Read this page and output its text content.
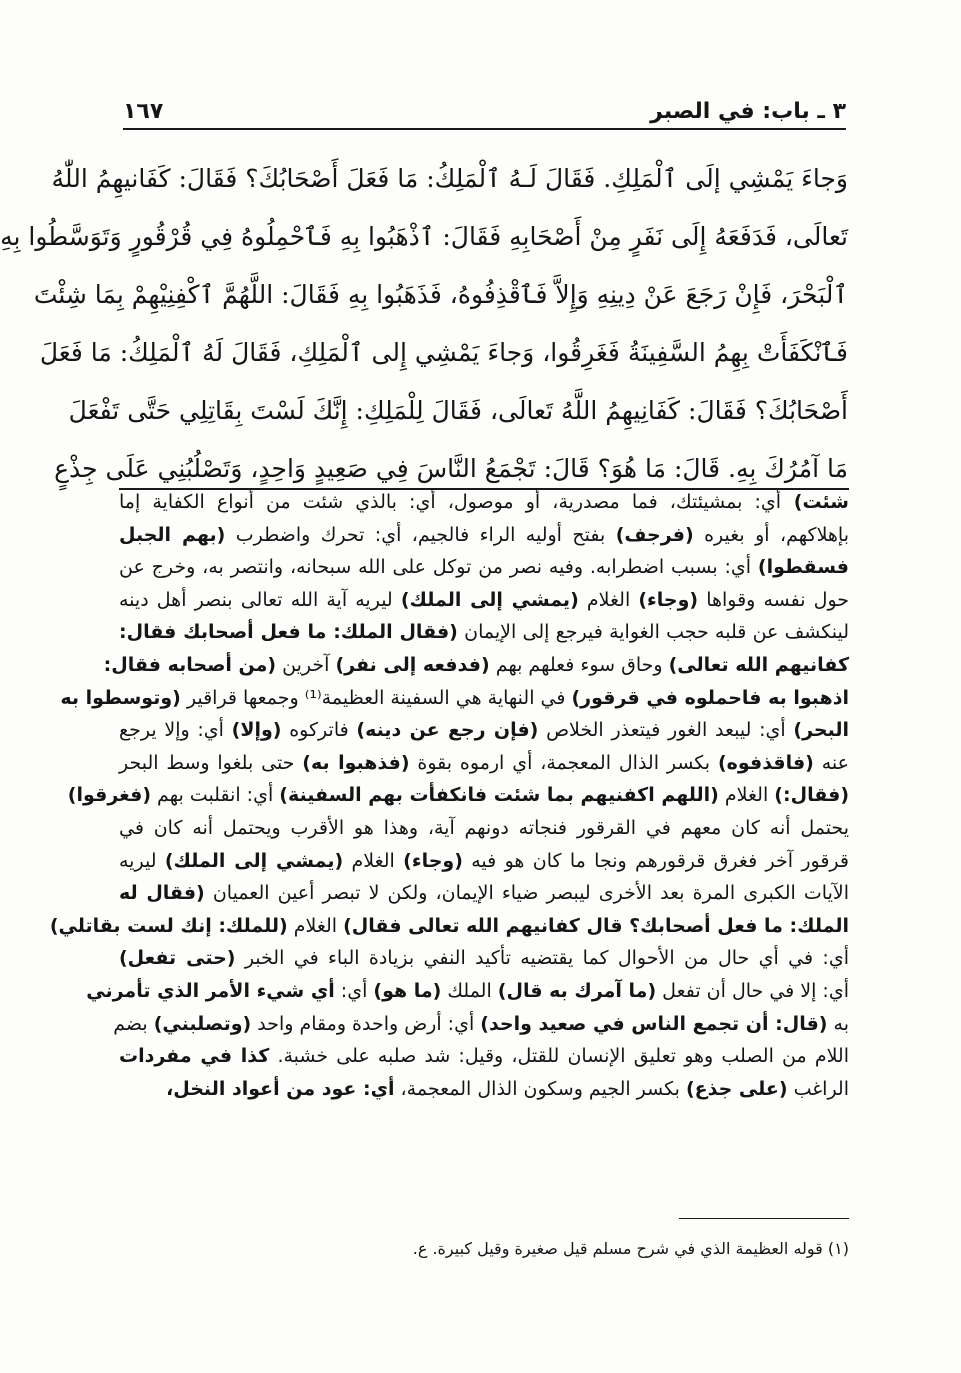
٣ ـ باب: في الصبر
١٦٧
وَجاءَ يَمْشِي إلَى ٱلْمَلِكِ. فَقَالَ لَـهُ ٱلْمَلِكُ: مَا فَعَلَ أَصْحَابُكَ؟ فَقَالَ: كَفَانيهِمُ اللّٰهُ
تَعالَى، فَدَفَعَهُ إِلَى نَفَرٍ مِنْ أَصْحَابِهِ فَقَالَ: ٱذْهَبُوا بِهِ فَٱحْمِلُوهُ فِي قُرْقُورٍ وَتَوَسَّطُوا بِهِ
ٱلْبَحْرَ، فَإِنْ رَجَعَ عَنْ دِينِهِ وَإِلاَّ فَٱقْذِفُوهُ، فَذَهَبُوا بِهِ فَقَالَ: اللَّهُمَّ ٱكْفِنِيْهِمْ بِمَا شِئْتَ
فَٱنْكَفَأَتْ بِهِمُ السَّفِينَةُ فَغَرِقُوا، وَجاءَ يَمْشِي إِلى ٱلْمَلِكِ، فَقَالَ لَهُ ٱلْمَلِكُ: مَا فَعَلَ
أَصْحَابُكَ؟ فَقَالَ: كَفَانِيهِمُ اللَّهُ تَعالَى، فَقَالَ لِلْمَلِكِ: إِنَّكَ لَسْتَ بِقَاتِلِي حَتَّى تَفْعَلَ
مَا آمُرُكَ بِهِ. قَالَ: مَا هُوَ؟ قَالَ: تَجْمَعُ النَّاسَ فِي صَعِيدٍ وَاحِدٍ، وَتَصْلُبُنِي عَلَى جِذْعٍ
شئت) أي: بمشيئتك، فما مصدرية، أو موصول، أي: بالذي شئت من أنواع الكفاية إما
بإهلاكهم، أو بغيره (فرجف) بفتح أوليه الراء فالجيم، أي: تحرك واضطرب (بهم الجبل
فسقطوا) أي: بسبب اضطرابه. وفيه نصر من توكل على الله سبحانه، وانتصر به، وخرج عن
حول نفسه وقواها (وجاء) الغلام (يمشي إلى الملك) ليريه آية الله تعالى بنصر أهل دينه
لينكشف عن قلبه حجب الغواية فيرجع إلى الإيمان (فقال الملك: ما فعل أصحابك فقال:
كفانيهم الله تعالى) وحاق سوء فعلهم بهم (فدفعه إلى نفر) آخرين (من أصحابه فقال:
اذهبوا به فاحملوه في قرقور) في النهاية هي السفينة العظيمة⁽¹⁾ وجمعها قراقير (وتوسطوا به
البحر) أي: ليبعد الغور فيتعذر الخلاص (فإن رجع عن دينه) فاتركوه (وإلا) أي: وإلا يرجع
عنه (فاقذفوه) بكسر الذال المعجمة، أي ارموه بقوة (فذهبوا به) حتى بلغوا وسط البحر
(فقال:) الغلام (اللهم اكفنيهم بما شئت فانكفأت بهم السفينة) أي: انقلبت بهم (فغرقوا)
يحتمل أنه كان معهم في القرقور فنجاته دونهم آية، وهذا هو الأقرب ويحتمل أنه كان في
قرقور آخر فغرق قرقورهم ونجا ما كان هو فيه (وجاء) الغلام (يمشي إلى الملك) ليريه
الآيات الكبرى المرة بعد الأخرى ليبصر ضياء الإيمان، ولكن لا تبصر أعين العميان (فقال له
الملك: ما فعل أصحابك؟ قال كفانيهم الله تعالى فقال) الغلام (للملك: إنك لست بقاتلي)
أي: في أي حال من الأحوال كما يقتضيه تأكيد النفي بزيادة الباء في الخبر (حتى تفعل)
أي: إلا في حال أن تفعل (ما آمرك به قال) الملك (ما هو) أي: أي شيء الأمر الذي تأمرني
به (قال: أن تجمع الناس في صعيد واحد) أي: أرض واحدة ومقام واحد (وتصلبني) بضم
اللام من الصلب وهو تعليق الإنسان للقتل، وقيل: شد صلبه على خشبة. كذا في مفردات
الراغب (على جذع) بكسر الجيم وسكون الذال المعجمة، أي: عود من أعواد النخل،
(١) قوله العظيمة الذي في شرح مسلم قيل صغيرة وقيل كبيرة. ع.
